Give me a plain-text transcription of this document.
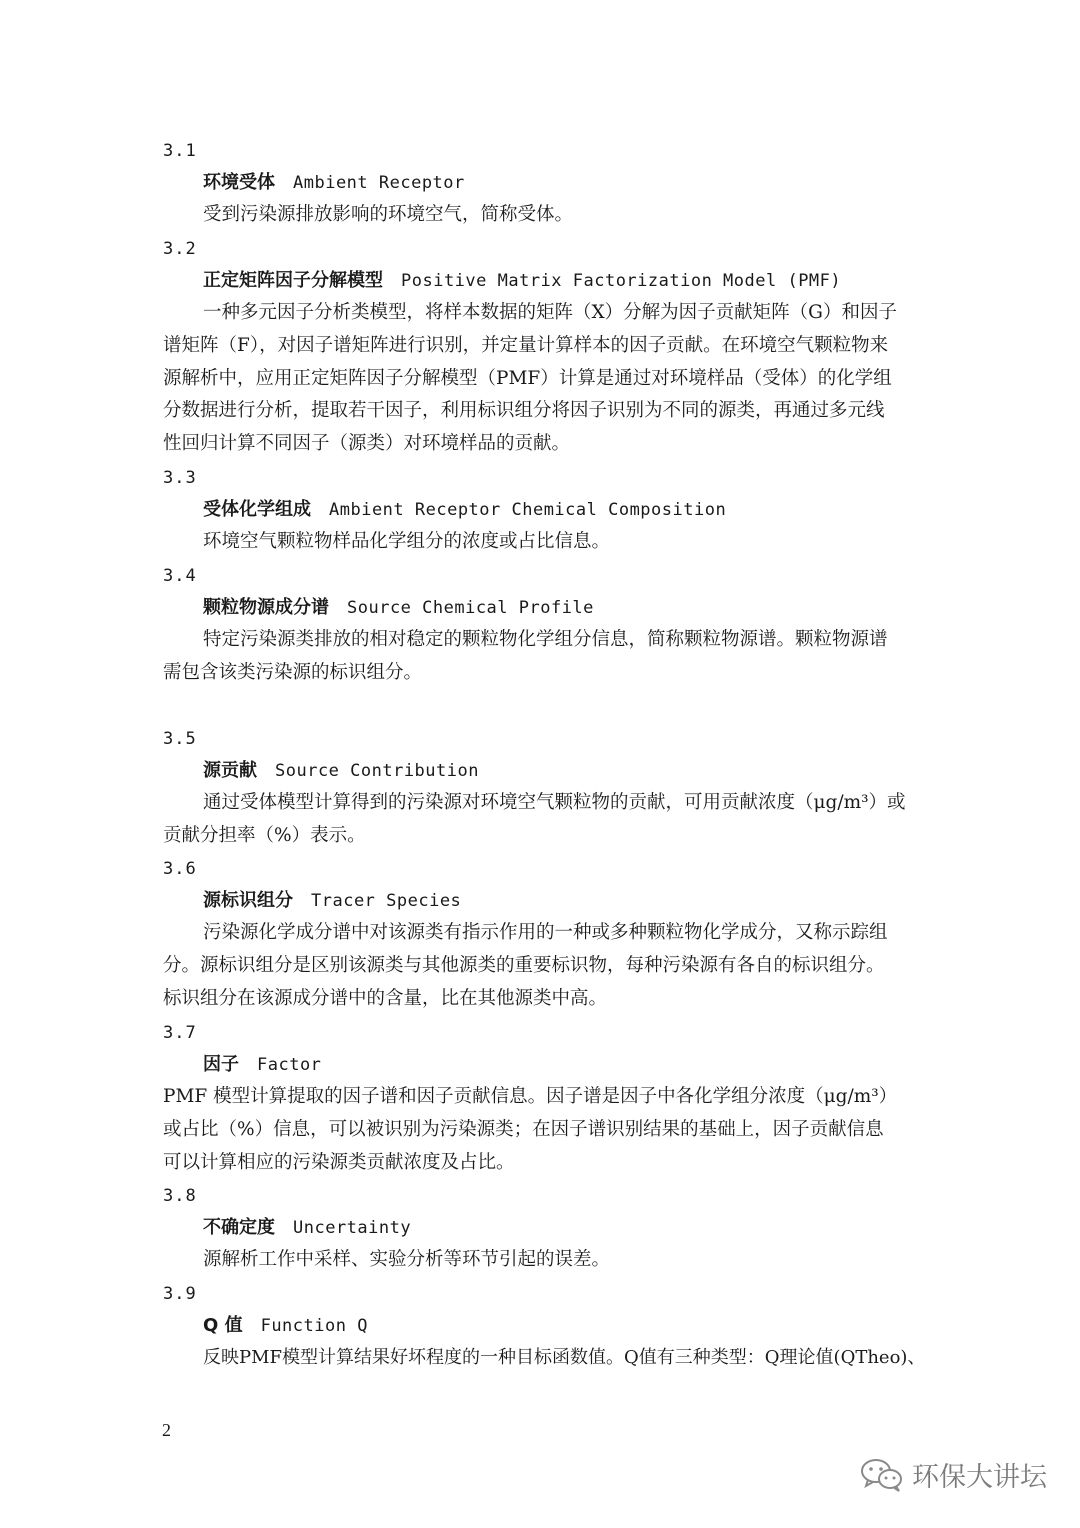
3.1
环境受体 Ambient Receptor
受到污染源排放影响的环境空气，简称受体。
3.2
正定矩阵因子分解模型 Positive Matrix Factorization Model (PMF)
一种多元因子分析类模型，将样本数据的矩阵（X）分解为因子贡献矩阵（G）和因子
谱矩阵（F），对因子谱矩阵进行识别，并定量计算样本的因子贡献。在环境空气颗粒物来
源解析中，应用正定矩阵因子分解模型（PMF）计算是通过对环境样品（受体）的化学组
分数据进行分析，提取若干因子，利用标识组分将因子识别为不同的源类，再通过多元线
性回归计算不同因子（源类）对环境样品的贡献。
3.3
受体化学组成 Ambient Receptor Chemical Composition
环境空气颗粒物样品化学组分的浓度或占比信息。
3.4
颗粒物源成分谱 Source Chemical Profile
特定污染源类排放的相对稳定的颗粒物化学组分信息，简称颗粒物源谱。颗粒物源谱
需包含该类污染源的标识组分。
3.5
源贡献 Source Contribution
通过受体模型计算得到的污染源对环境空气颗粒物的贡献，可用贡献浓度（μg/m³）或
贡献分担率（%）表示。
3.6
源标识组分 Tracer Species
污染源化学成分谱中对该源类有指示作用的一种或多种颗粒物化学成分，又称示踪组
分。源标识组分是区别该源类与其他源类的重要标识物，每种污染源有各自的标识组分。
标识组分在该源成分谱中的含量，比在其他源类中高。
3.7
因子 Factor
PMF 模型计算提取的因子谱和因子贡献信息。因子谱是因子中各化学组分浓度（μg/m³）
或占比（%）信息，可以被识别为污染源类；在因子谱识别结果的基础上，因子贡献信息
可以计算相应的污染源类贡献浓度及占比。
3.8
不确定度 Uncertainty
源解析工作中采样、实验分析等环节引起的误差。
3.9
Q 值 Function Q
反映PMF模型计算结果好坏程度的一种目标函数值。Q值有三种类型：Q理论值(QTheo)、
2
环保大讲坛
